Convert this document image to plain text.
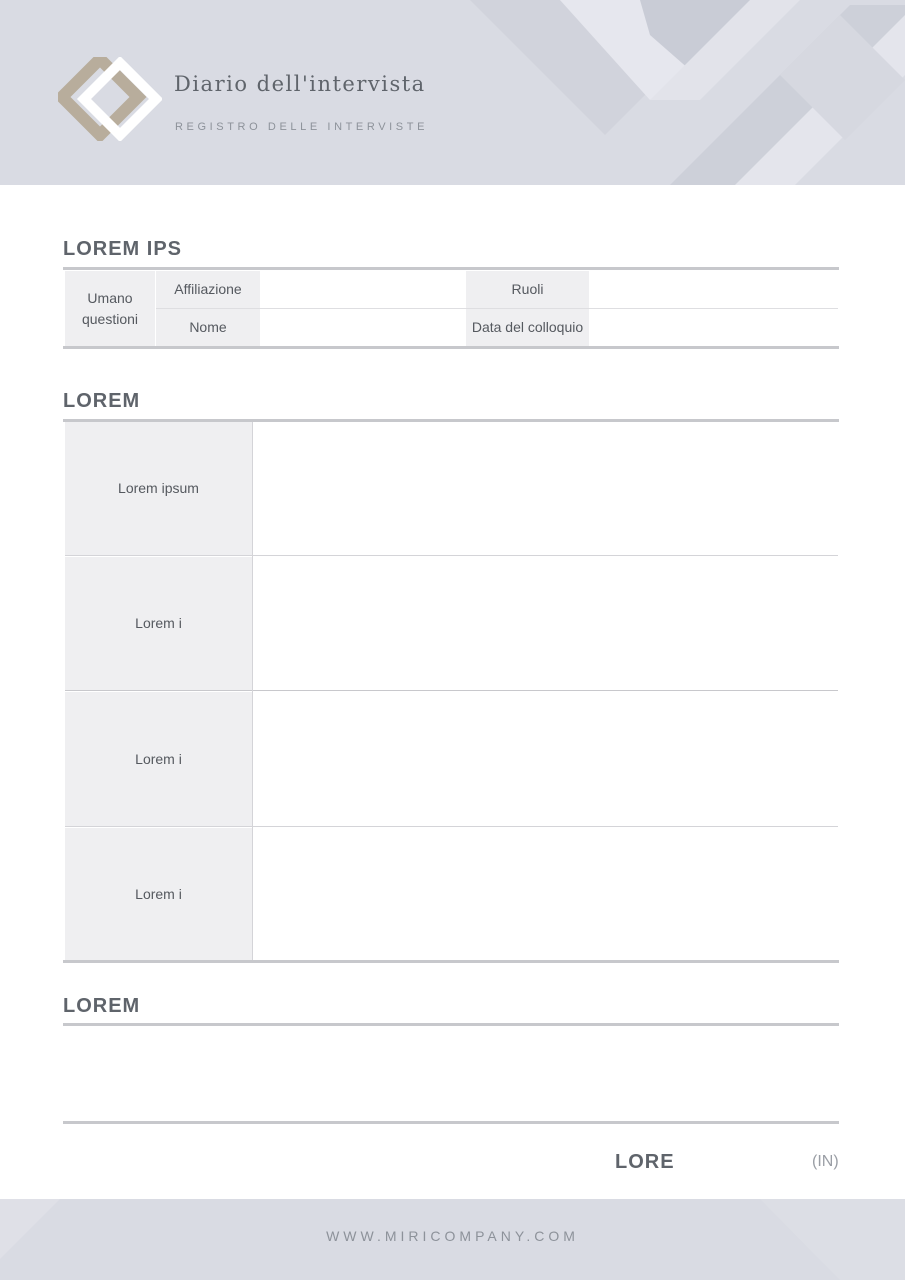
Diario dell'intervista
REGISTRO DELLE INTERVISTE
LOREM IPS
Umano
questioni
Affiliazione
Nome
Ruoli
Data del colloquio
LOREM
Lorem ipsum
Lorem i
Lorem i
Lorem i
LOREM
LORE	(IN)
WWW.MIRICOMPANY.COM
